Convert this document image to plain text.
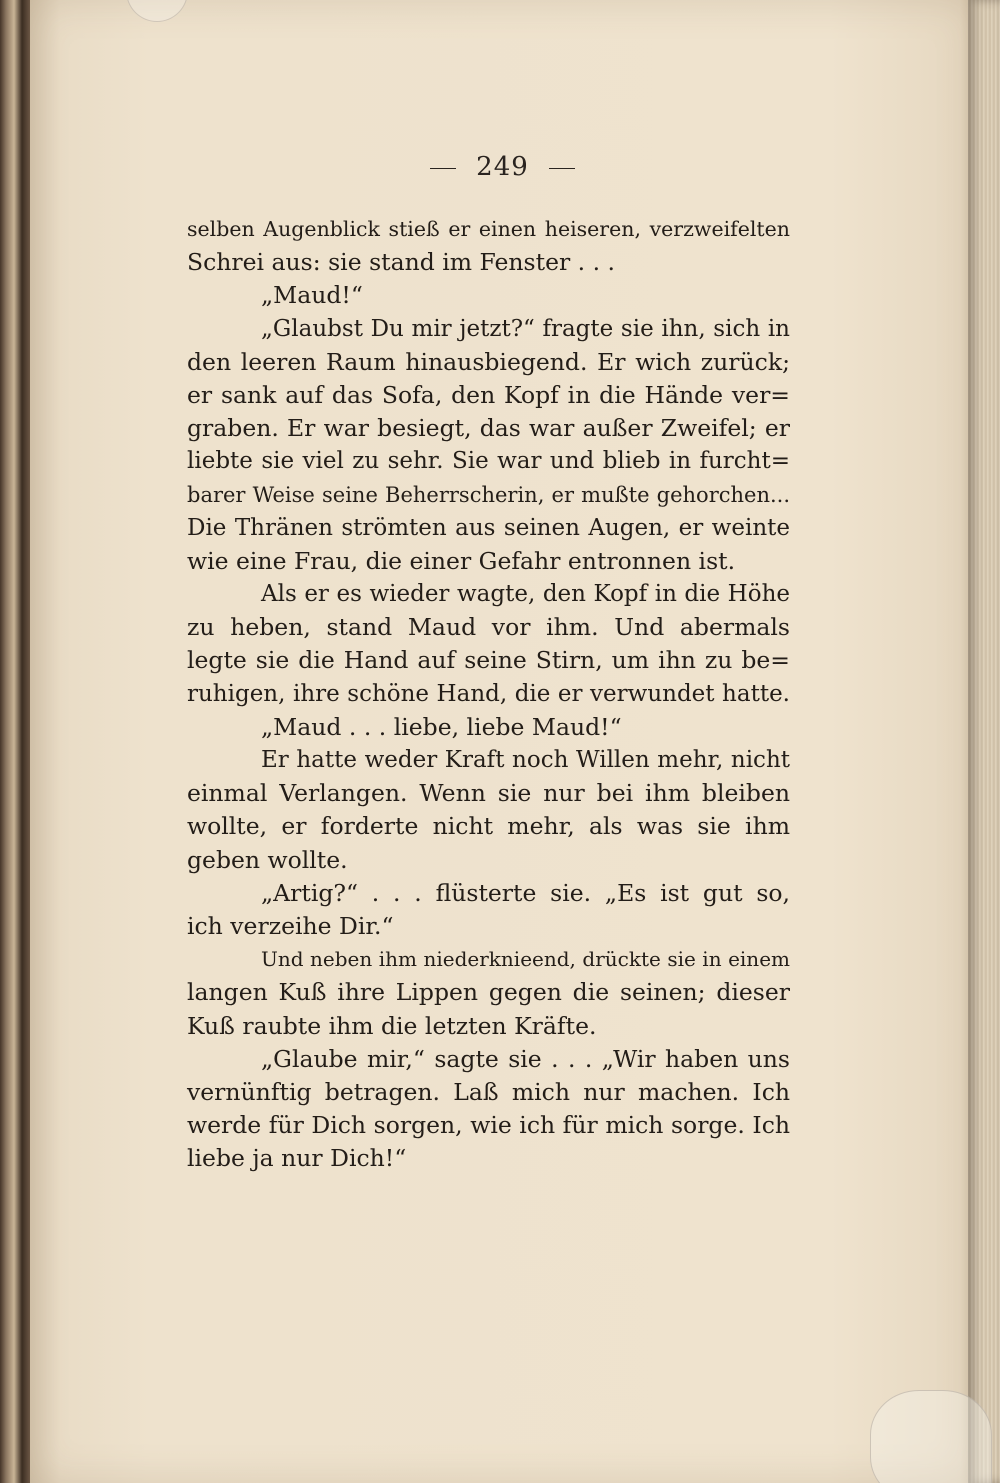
249
selben Augenblick stieß er einen heiseren, verzweifelten
Schrei aus: sie stand im Fenster . . .
„Maud!“
„Glaubst Du mir jetzt?“ fragte sie ihn, sich in
den leeren Raum hinausbiegend. Er wich zurück;
er sank auf das Sofa, den Kopf in die Hände ver=
graben. Er war besiegt, das war außer Zweifel; er
liebte sie viel zu sehr. Sie war und blieb in furcht=
barer Weise seine Beherrscherin, er mußte gehorchen...
Die Thränen strömten aus seinen Augen, er weinte
wie eine Frau, die einer Gefahr entronnen ist.
Als er es wieder wagte, den Kopf in die Höhe
zu heben, stand Maud vor ihm. Und abermals
legte sie die Hand auf seine Stirn, um ihn zu be=
ruhigen, ihre schöne Hand, die er verwundet hatte.
„Maud . . . liebe, liebe Maud!“
Er hatte weder Kraft noch Willen mehr, nicht
einmal Verlangen. Wenn sie nur bei ihm bleiben
wollte, er forderte nicht mehr, als was sie ihm
geben wollte.
„Artig?“ . . . flüsterte sie. „Es ist gut so,
ich verzeihe Dir.“
Und neben ihm niederknieend, drückte sie in einem
langen Kuß ihre Lippen gegen die seinen; dieser
Kuß raubte ihm die letzten Kräfte.
„Glaube mir,“ sagte sie . . . „Wir haben uns
vernünftig betragen. Laß mich nur machen. Ich
werde für Dich sorgen, wie ich für mich sorge. Ich
liebe ja nur Dich!“
